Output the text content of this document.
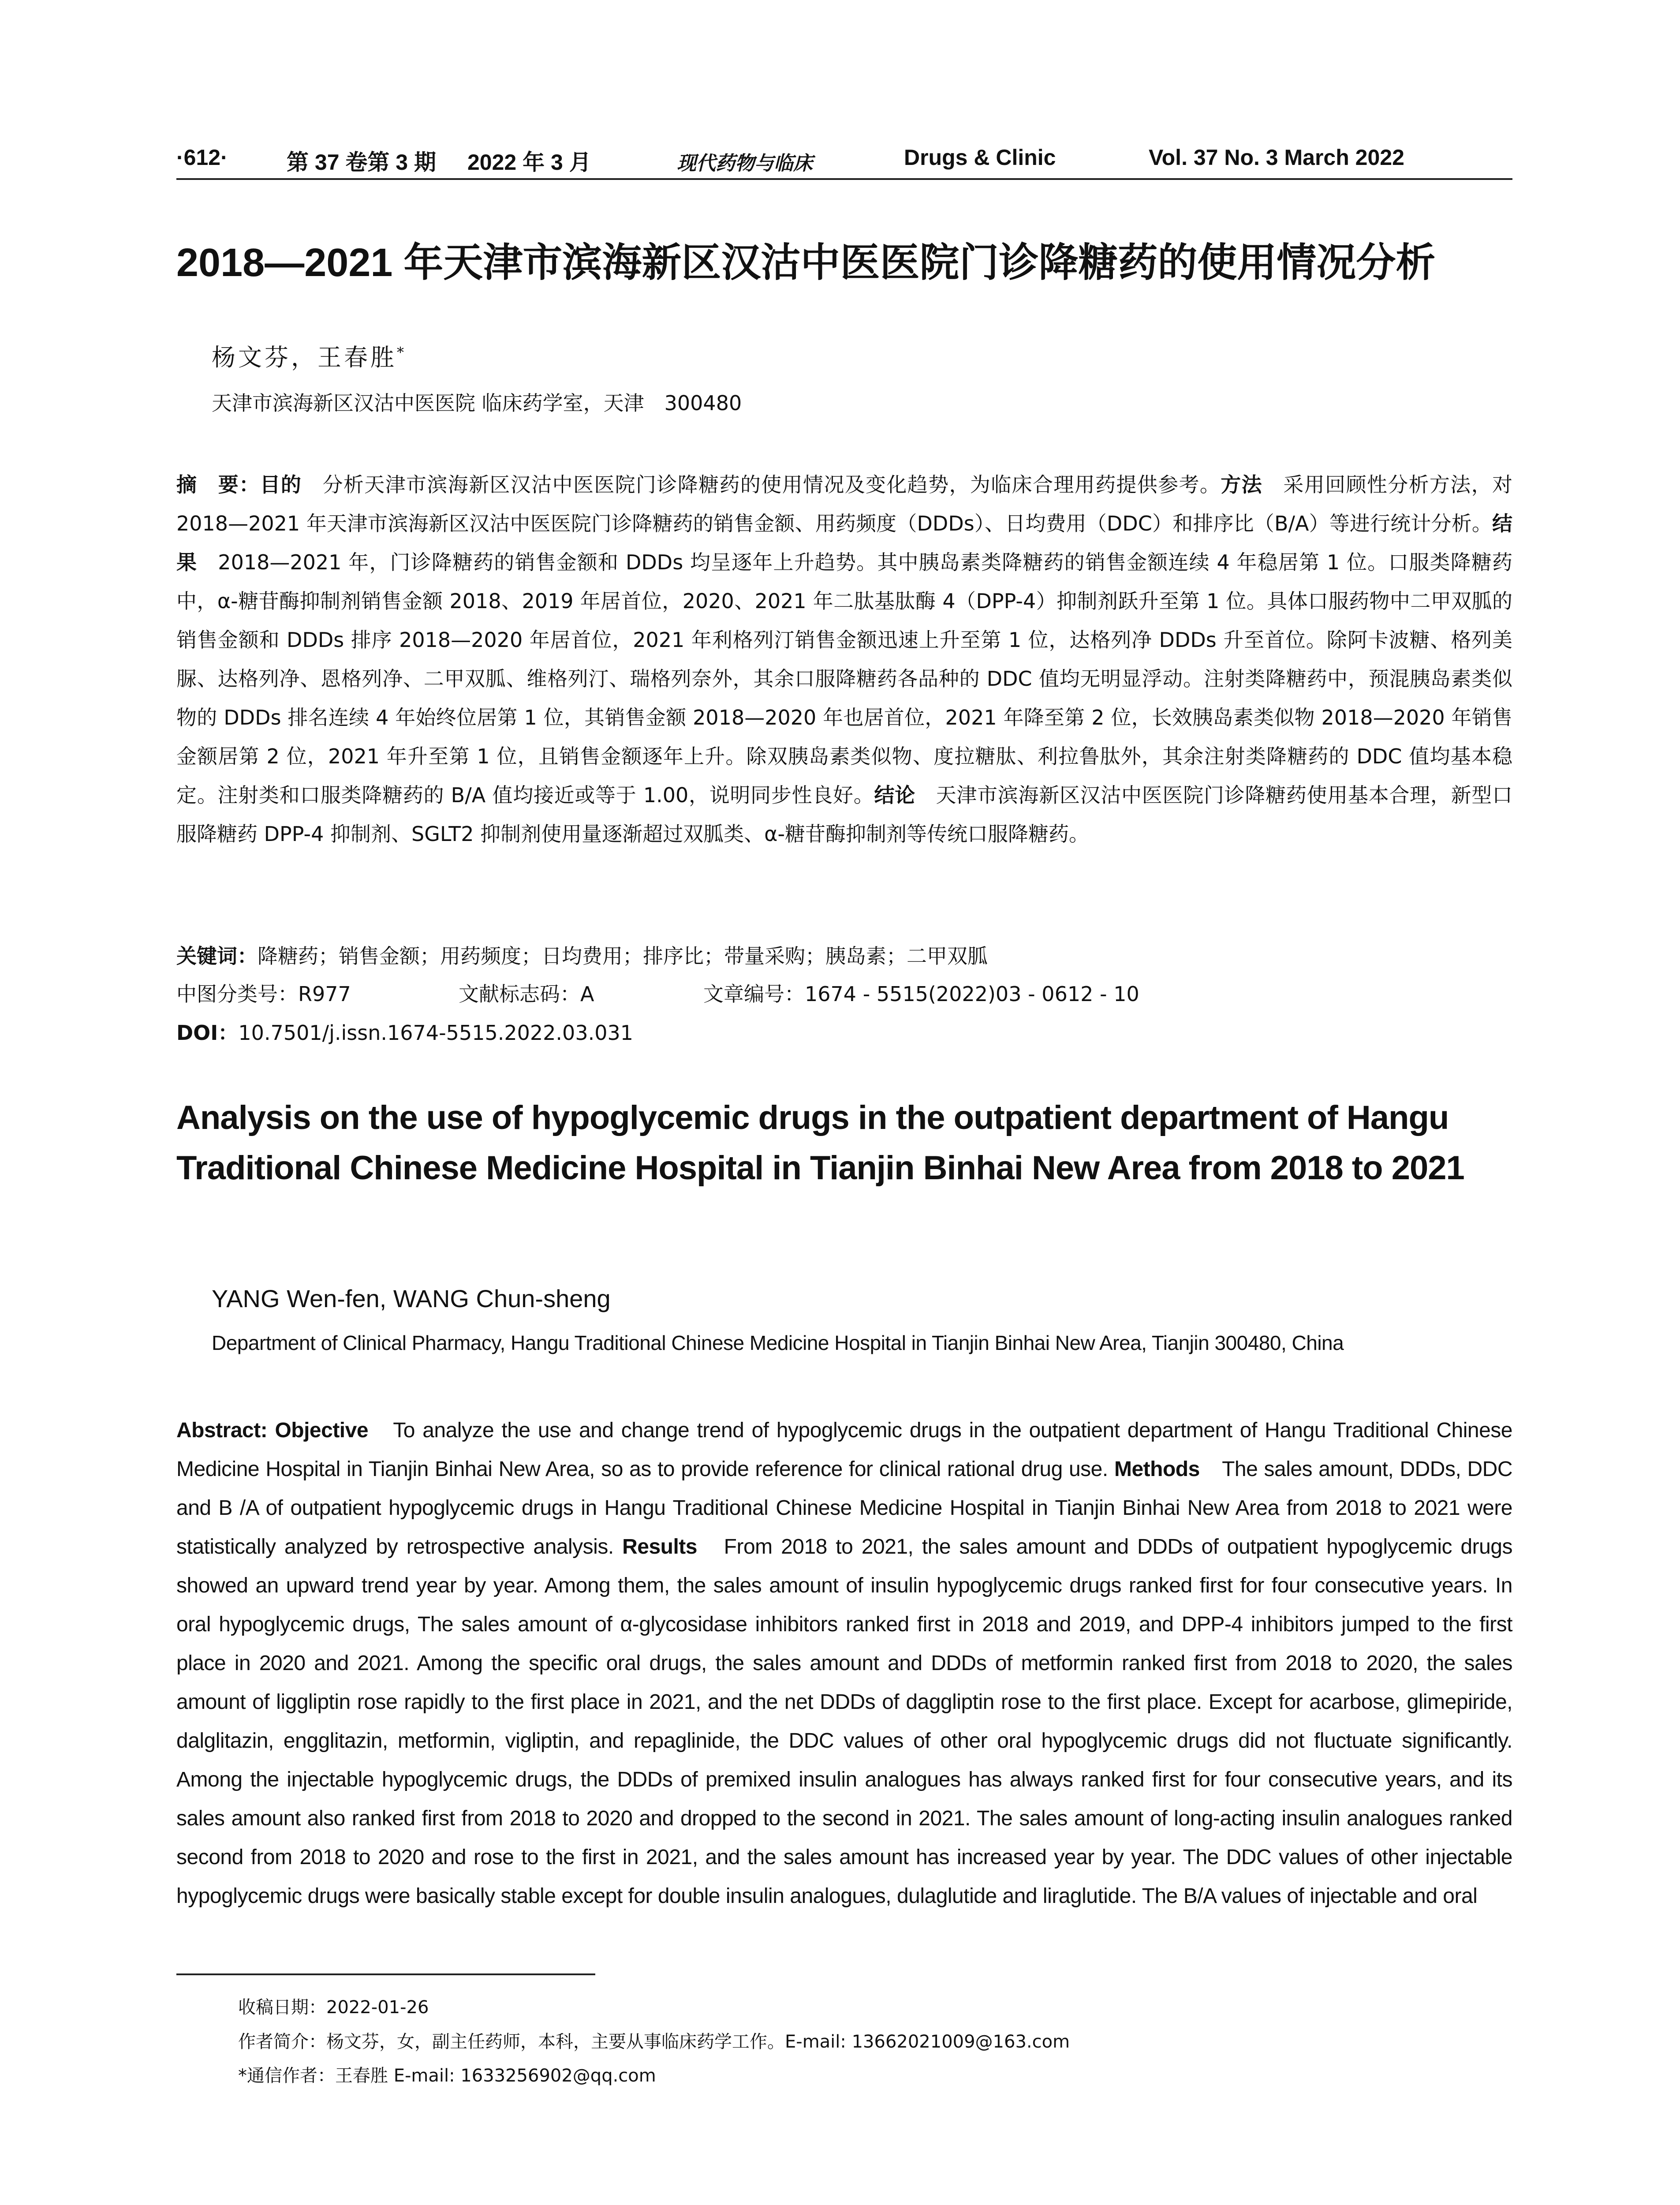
·612·	第 37 卷第 3 期 2022 年 3 月	现代药物与临床	Drugs & Clinic	Vol. 37 No. 3 March 2022
2018—2021 年天津市滨海新区汉沽中医医院门诊降糖药的使用情况分析
杨文芬，王春胜*
天津市滨海新区汉沽中医医院 临床药学室，天津　300480
摘　要：目的　分析天津市滨海新区汉沽中医医院门诊降糖药的使用情况及变化趋势，为临床合理用药提供参考。方法　采用回顾性分析方法，对 2018—2021 年天津市滨海新区汉沽中医医院门诊降糖药的销售金额、用药频度（DDDs）、日均费用（DDC）和排序比（B/A）等进行统计分析。结果　2018—2021 年，门诊降糖药的销售金额和 DDDs 均呈逐年上升趋势。其中胰岛素类降糖药的销售金额连续 4 年稳居第 1 位。口服类降糖药中，α-糖苷酶抑制剂销售金额 2018、2019 年居首位，2020、2021 年二肽基肽酶 4（DPP-4）抑制剂跃升至第 1 位。具体口服药物中二甲双胍的销售金额和 DDDs 排序 2018—2020 年居首位，2021 年利格列汀销售金额迅速上升至第 1 位，达格列净 DDDs 升至首位。除阿卡波糖、格列美脲、达格列净、恩格列净、二甲双胍、维格列汀、瑞格列奈外，其余口服降糖药各品种的 DDC 值均无明显浮动。注射类降糖药中，预混胰岛素类似物的 DDDs 排名连续 4 年始终位居第 1 位，其销售金额 2018—2020 年也居首位，2021 年降至第 2 位，长效胰岛素类似物 2018—2020 年销售金额居第 2 位，2021 年升至第 1 位，且销售金额逐年上升。除双胰岛素类似物、度拉糖肽、利拉鲁肽外，其余注射类降糖药的 DDC 值均基本稳定。注射类和口服类降糖药的 B/A 值均接近或等于 1.00，说明同步性良好。结论　天津市滨海新区汉沽中医医院门诊降糖药使用基本合理，新型口服降糖药 DPP-4 抑制剂、SGLT2 抑制剂使用量逐渐超过双胍类、α-糖苷酶抑制剂等传统口服降糖药。
关键词：降糖药；销售金额；用药频度；日均费用；排序比；带量采购；胰岛素；二甲双胍
中图分类号：R977	文献标志码：A	文章编号：1674 - 5515(2022)03 - 0612 - 10
DOI：10.7501/j.issn.1674-5515.2022.03.031
Analysis on the use of hypoglycemic drugs in the outpatient department of Hangu Traditional Chinese Medicine Hospital in Tianjin Binhai New Area from 2018 to 2021
YANG Wen-fen, WANG Chun-sheng
Department of Clinical Pharmacy, Hangu Traditional Chinese Medicine Hospital in Tianjin Binhai New Area, Tianjin 300480, China
Abstract: Objective　To analyze the use and change trend of hypoglycemic drugs in the outpatient department of Hangu Traditional Chinese Medicine Hospital in Tianjin Binhai New Area, so as to provide reference for clinical rational drug use. Methods　The sales amount, DDDs, DDC and B /A of outpatient hypoglycemic drugs in Hangu Traditional Chinese Medicine Hospital in Tianjin Binhai New Area from 2018 to 2021 were statistically analyzed by retrospective analysis. Results　From 2018 to 2021, the sales amount and DDDs of outpatient hypoglycemic drugs showed an upward trend year by year. Among them, the sales amount of insulin hypoglycemic drugs ranked first for four consecutive years. In oral hypoglycemic drugs, The sales amount of α-glycosidase inhibitors ranked first in 2018 and 2019, and DPP-4 inhibitors jumped to the first place in 2020 and 2021. Among the specific oral drugs, the sales amount and DDDs of metformin ranked first from 2018 to 2020, the sales amount of liggliptin rose rapidly to the first place in 2021, and the net DDDs of daggliptin rose to the first place. Except for acarbose, glimepiride, dalglitazin, engglitazin, metformin, vigliptin, and repaglinide, the DDC values of other oral hypoglycemic drugs did not fluctuate significantly. Among the injectable hypoglycemic drugs, the DDDs of premixed insulin analogues has always ranked first for four consecutive years, and its sales amount also ranked first from 2018 to 2020 and dropped to the second in 2021. The sales amount of long-acting insulin analogues ranked second from 2018 to 2020 and rose to the first in 2021, and the sales amount has increased year by year. The DDC values of other injectable hypoglycemic drugs were basically stable except for double insulin analogues, dulaglutide and liraglutide. The B/A values of injectable and oral
收稿日期：2022-01-26
作者简介：杨文芬，女，副主任药师，本科，主要从事临床药学工作。E-mail: 13662021009@163.com
*通信作者：王春胜 E-mail: 1633256902@qq.com
